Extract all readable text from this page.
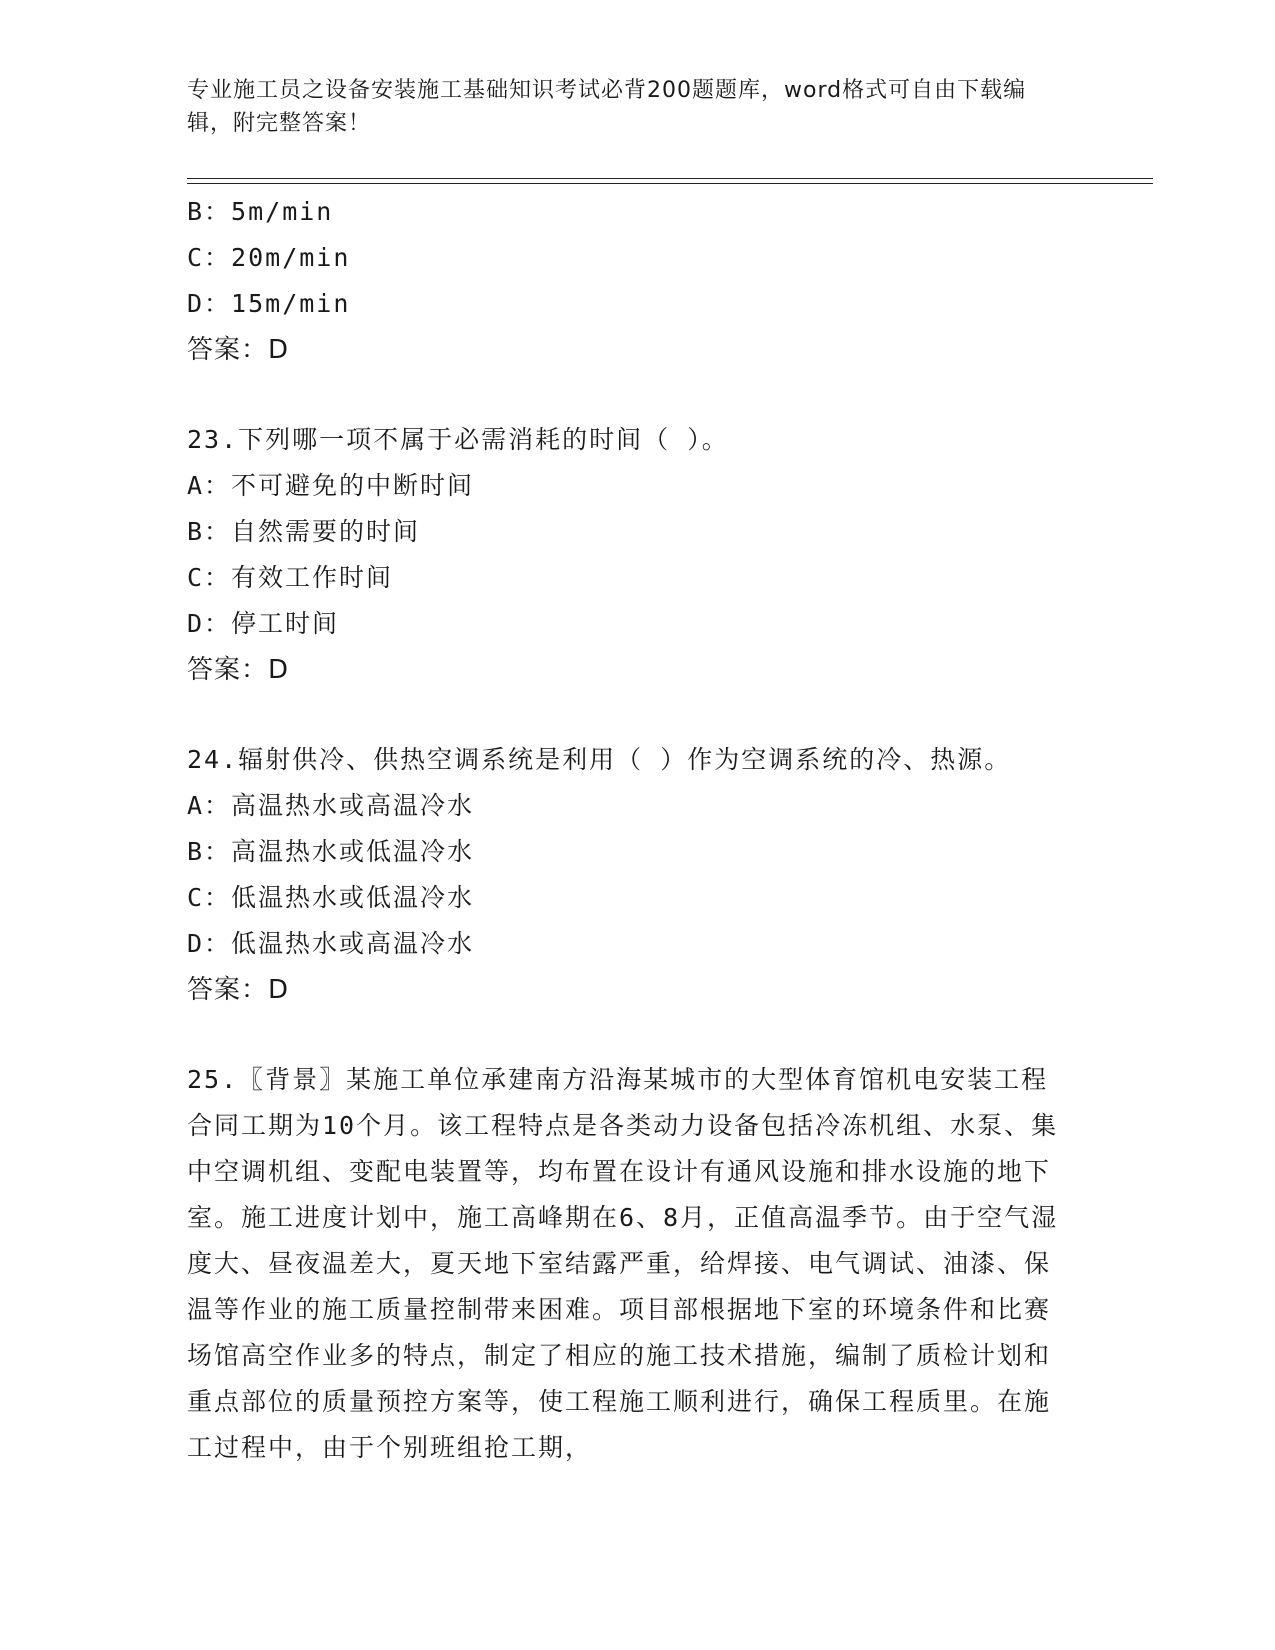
专业施工员之设备安装施工基础知识考试必背200题题库，word格式可自由下载编辑，附完整答案！
B：5m/min
C：20m/min
D：15m/min
答案：D
23.下列哪一项不属于必需消耗的时间（ ）。
A：不可避免的中断时间
B：自然需要的时间
C：有效工作时间
D：停工时间
答案：D
24.辐射供冷、供热空调系统是利用（ ）作为空调系统的冷、热源。
A：高温热水或高温冷水
B：高温热水或低温冷水
C：低温热水或低温冷水
D：低温热水或高温冷水
答案：D
25.〖背景〗某施工单位承建南方沿海某城市的大型体育馆机电安装工程合同工期为10个月。该工程特点是各类动力设备包括冷冻机组、水泵、集中空调机组、变配电装置等，均布置在设计有通风设施和排水设施的地下室。施工进度计划中，施工高峰期在6、8月，正值高温季节。由于空气湿度大、昼夜温差大，夏天地下室结露严重，给焊接、电气调试、油漆、保温等作业的施工质量控制带来困难。项目部根据地下室的环境条件和比赛场馆高空作业多的特点，制定了相应的施工技术措施，编制了质检计划和重点部位的质量预控方案等，使工程施工顺利进行，确保工程质里。在施工过程中，由于个别班组抢工期，
